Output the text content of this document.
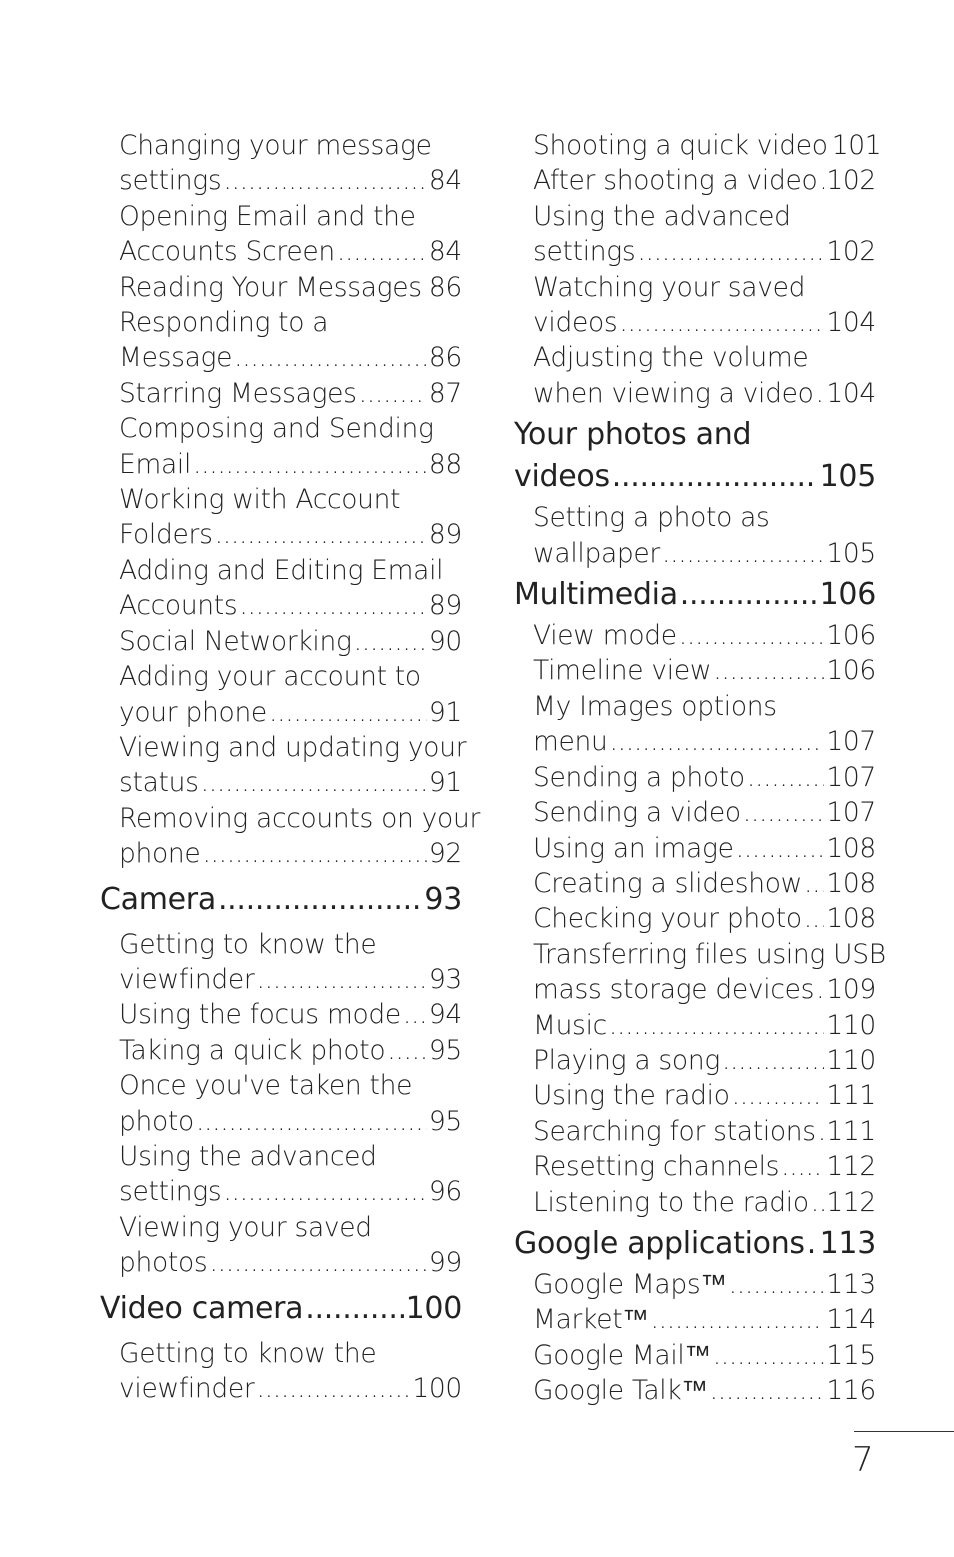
Changing your message
settings .....	84
Opening Email and the
Accounts Screen .....	84
Reading Your Messages ..... 86
Responding to a
Message .....	86
Starring Messages .....	87
Composing and Sending
Email .....	88
Working with Account
Folders .....	89
Adding and Editing Email
Accounts .....	89
Social Networking .....	90
Adding your account to
your phone .....	91
Viewing and updating your
status .....	91
Removing accounts on your
phone .....	92
Camera .....	93
Getting to know the
viewfinder .....	93
Using the focus mode ..... 94
Taking a quick photo ..... 95
Once you've taken the
photo .....	95
Using the advanced
settings .....	96
Viewing your saved
photos .....	99
Video camera .....	100
Getting to know the
viewfinder .....	100
Shooting a quick video 101
After shooting a video ..... 102
Using the advanced
settings .....	102
Watching your saved
videos .....	104
Adjusting the volume
when viewing a video ..... 104
Your photos and
videos .....	105
Setting a photo as
wallpaper .....	105
Multimedia .....	106
View mode .....	106
Timeline view .....	106
My Images options
menu .....	107
Sending a photo .....	107
Sending a video .....	107
Using an image .....	108
Creating a slideshow ..... 108
Checking your photo ..... 108
Transferring files using USB
mass storage devices ..... 109
Music .....	110
Playing a song .....	110
Using the radio .....	111
Searching for stations ..... 111
Resetting channels ..... 112
Listening to the radio ..... 112
Google applications ..... 113
Google Maps™ .....	113
Market™ .....	114
Google Mail™ .....	115
Google Talk™ .....	116
7
